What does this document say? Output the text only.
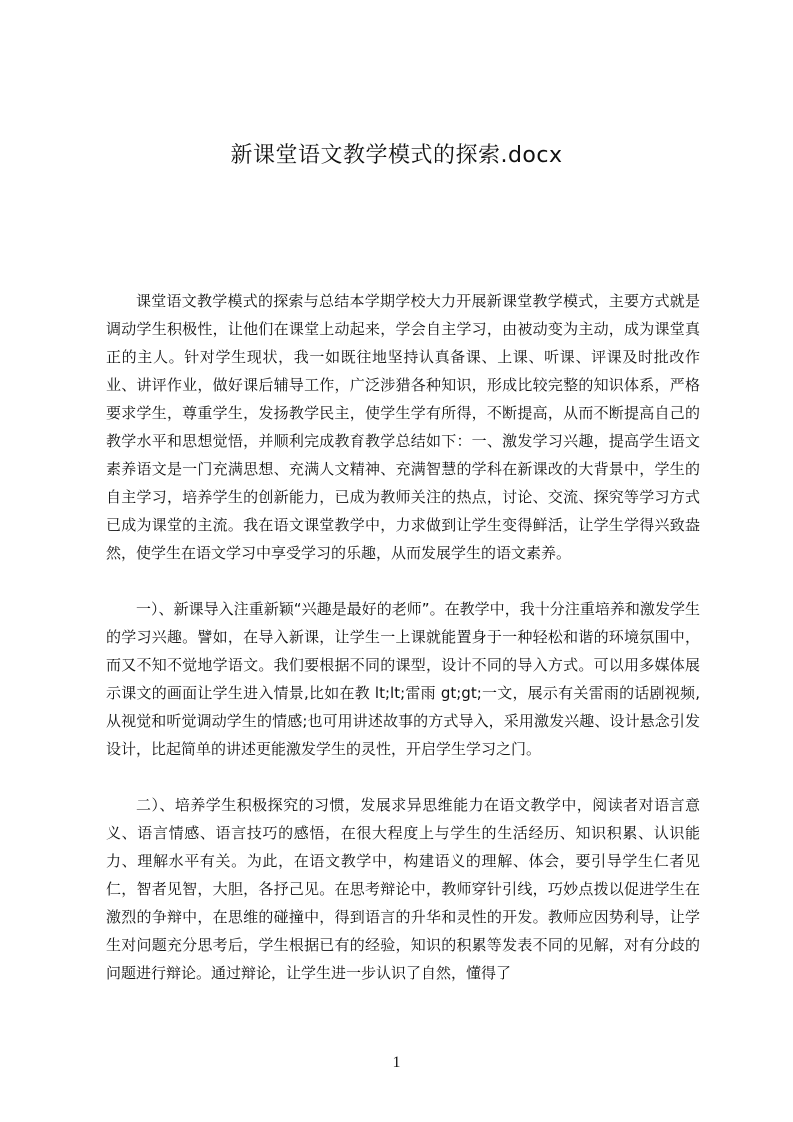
新课堂语文教学模式的探索.docx

课堂语文教学模式的探索与总结本学期学校大力开展新课堂教学模式，主要方式就是调动学生积极性，让他们在课堂上动起来，学会自主学习，由被动变为主动，成为课堂真正的主人。针对学生现状，我一如既往地坚持认真备课、上课、听课、评课及时批改作业、讲评作业，做好课后辅导工作，广泛涉猎各种知识，形成比较完整的知识体系，严格要求学生，尊重学生，发扬教学民主，使学生学有所得，不断提高，从而不断提高自己的教学水平和思想觉悟，并顺利完成教育教学总结如下：一、激发学习兴趣，提高学生语文素养语文是一门充满思想、充满人文精神、充满智慧的学科在新课改的大背景中，学生的自主学习，培养学生的创新能力，已成为教师关注的热点，讨论、交流、探究等学习方式已成为课堂的主流。我在语文课堂教学中，力求做到让学生变得鲜活，让学生学得兴致盎然，使学生在语文学习中享受学习的乐趣，从而发展学生的语文素养。

一）、新课导入注重新颖“兴趣是最好的老师”。在教学中，我十分注重培养和激发学生的学习兴趣。譬如，在导入新课，让学生一上课就能置身于一种轻松和谐的环境氛围中，而又不知不觉地学语文。我们要根据不同的课型，设计不同的导入方式。可以用多媒体展示课文的画面让学生进入情景,比如在教 lt;lt;雷雨 gt;gt;一文，展示有关雷雨的话剧视频,从视觉和听觉调动学生的情感;也可用讲述故事的方式导入，采用激发兴趣、设计悬念引发设计，比起简单的讲述更能激发学生的灵性，开启学生学习之门。

二）、培养学生积极探究的习惯，发展求异思维能力在语文教学中，阅读者对语言意义、语言情感、语言技巧的感悟，在很大程度上与学生的生活经历、知识积累、认识能力、理解水平有关。为此，在语文教学中，构建语义的理解、体会，要引导学生仁者见仁，智者见智，大胆，各抒己见。在思考辩论中，教师穿针引线，巧妙点拨以促进学生在激烈的争辩中，在思维的碰撞中，得到语言的升华和灵性的开发。教师应因势利导，让学生对问题充分思考后，学生根据已有的经验，知识的积累等发表不同的见解，对有分歧的问题进行辩论。通过辩论，让学生进一步认识了自然，懂得了

1
